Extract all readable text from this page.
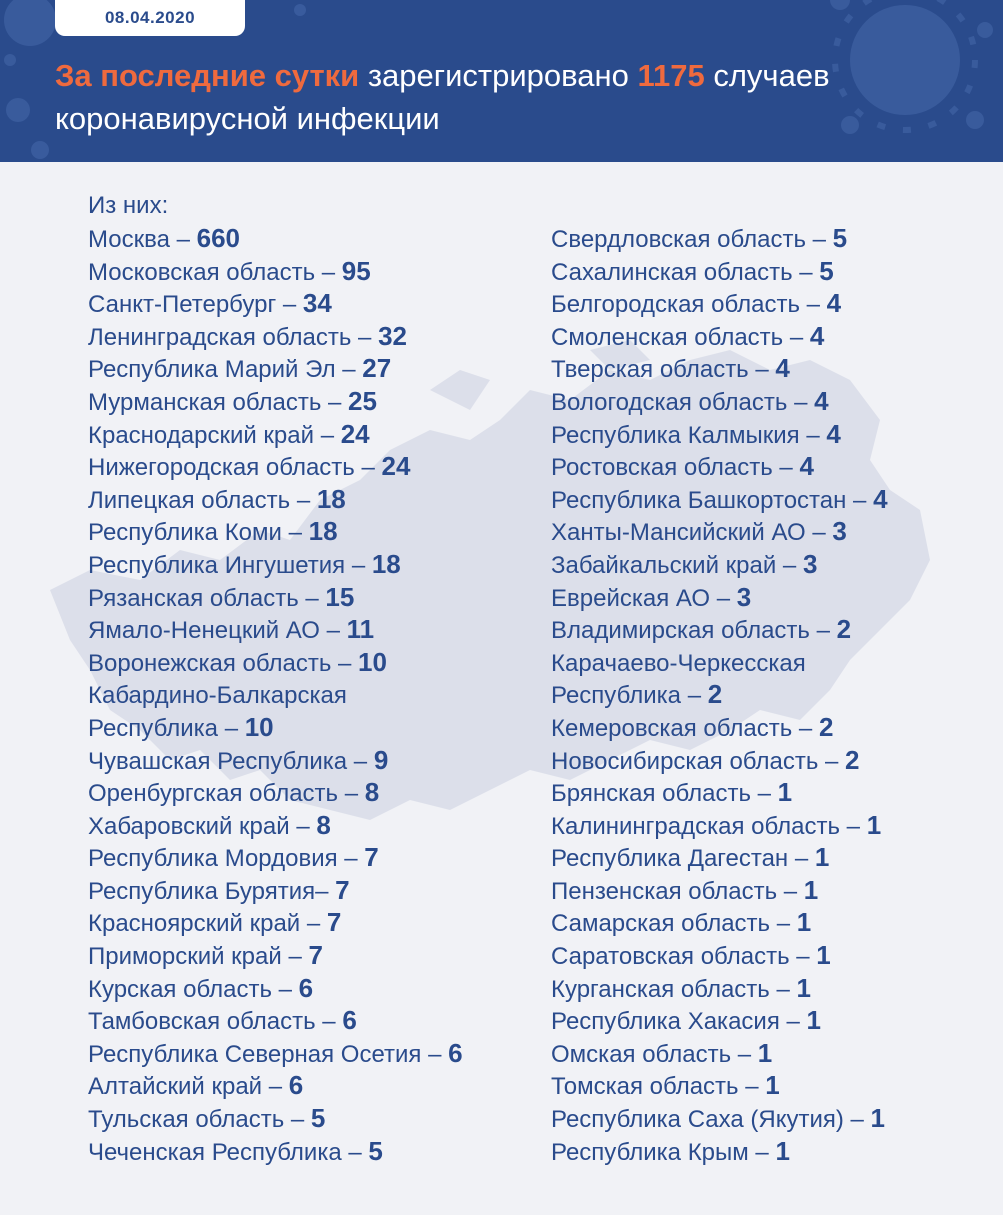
08.04.2020
За последние сутки зарегистрировано 1175 случаев
коронавирусной инфекции
Из них:
Москва – 660
Московская область – 95
Санкт-Петербург – 34
Ленинградская область – 32
Республика Марий Эл – 27
Мурманская область – 25
Краснодарский край – 24
Нижегородская область – 24
Липецкая область – 18
Республика Коми – 18
Республика Ингушетия – 18
Рязанская область – 15
Ямало-Ненецкий АО – 11
Воронежская область – 10
Кабардино-Балкарская
Республика – 10
Чувашская Республика – 9
Оренбургская область – 8
Хабаровский край – 8
Республика Мордовия – 7
Республика Бурятия– 7
Красноярский край – 7
Приморский край – 7
Курская область – 6
Тамбовская область – 6
Республика Северная Осетия – 6
Алтайский край – 6
Тульская область – 5
Чеченская Республика – 5
Свердловская область – 5
Сахалинская область – 5
Белгородская область – 4
Смоленская область – 4
Тверская область – 4
Вологодская область – 4
Республика Калмыкия – 4
Ростовская область – 4
Республика Башкортостан – 4
Ханты-Мансийский АО – 3
Забайкальский край – 3
Еврейская АО – 3
Владимирская область – 2
Карачаево-Черкесская
Республика – 2
Кемеровская область – 2
Новосибирская область – 2
Брянская область – 1
Калининградская область – 1
Республика Дагестан – 1
Пензенская область – 1
Самарская область – 1
Саратовская область – 1
Курганская область – 1
Республика Хакасия – 1
Омская область – 1
Томская область – 1
Республика Саха (Якутия) – 1
Республика Крым – 1
